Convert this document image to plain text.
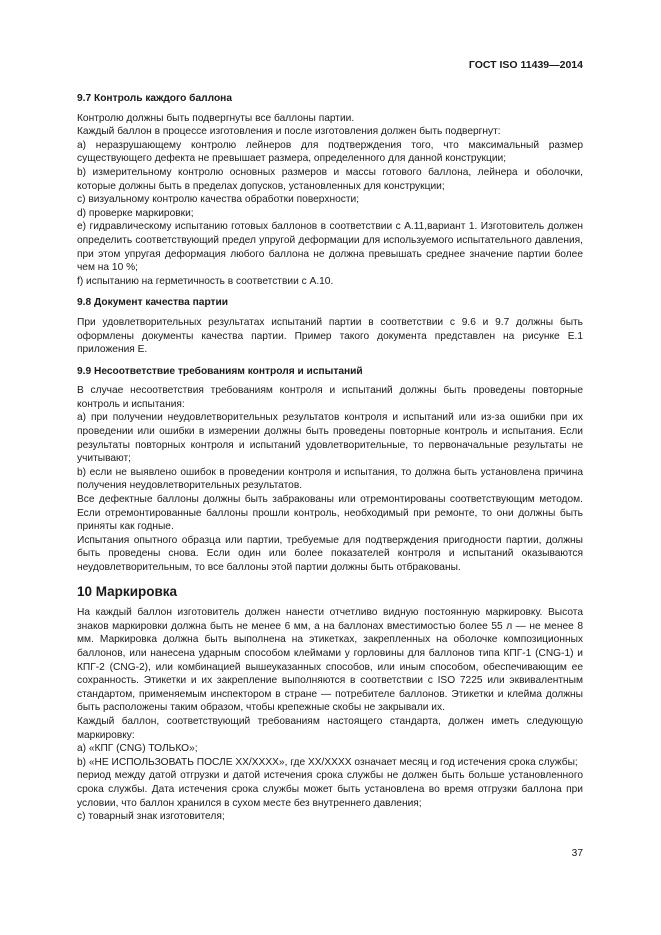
ГОСТ ISO 11439—2014
9.7 Контроль каждого баллона

Контролю должны быть подвергнуты все баллоны партии.

Каждый баллон в процессе изготовления и после изготовления должен быть подвергнут:

а) неразрушающему контролю лейнеров для подтверждения того, что максимальный размер существующего дефекта не превышает размера, определенного для данной конструкции;

b) измерительному контролю основных размеров и массы готового баллона, лейнера и оболочки, которые должны быть в пределах допусков, установленных для конструкции;

c) визуальному контролю качества обработки поверхности;

d) проверке маркировки;

e) гидравлическому испытанию готовых баллонов в соответствии с А.11,вариант 1. Изготовитель должен определить соответствующий предел упругой деформации для используемого испытательного давления, при этом упругая деформация любого баллона не должна превышать среднее значение партии более чем на 10 %;

f) испытанию на герметичность в соответствии с А.10.

9.8 Документ качества партии

При удовлетворительных результатах испытаний партии в соответствии с 9.6 и 9.7 должны быть оформлены документы качества партии. Пример такого документа представлен на рисунке Е.1 приложения Е.

9.9 Несоответствие требованиям контроля и испытаний

В случае несоответствия требованиям контроля и испытаний должны быть проведены повторные контроль и испытания:

а) при получении неудовлетворительных результатов контроля и испытаний или из-за ошибки при их проведении или ошибки в измерении должны быть проведены повторные контроль и испытания. Если результаты повторных контроля и испытаний удовлетворительные, то первоначальные результаты не учитывают;

b) если не выявлено ошибок в проведении контроля и испытания, то должна быть установлена причина получения неудовлетворительных результатов.

Все дефектные баллоны должны быть забракованы или отремонтированы соответствующим методом. Если отремонтированные баллоны прошли контроль, необходимый при ремонте, то они должны быть приняты как годные.

Испытания опытного образца или партии, требуемые для подтверждения пригодности партии, должны быть проведены снова. Если один или более показателей контроля и испытаний оказываются неудовлетворительным, то все баллоны этой партии должны быть отбракованы.

10 Маркировка

На каждый баллон изготовитель должен нанести отчетливо видную постоянную маркировку. Высота знаков маркировки должна быть не менее 6 мм, а на баллонах вместимостью более 55 л — не менее 8 мм. Маркировка должна быть выполнена на этикетках, закрепленных на оболочке композиционных баллонов, или нанесена ударным способом клеймами у горловины для баллонов типа КПГ-1 (CNG-1) и КПГ-2 (CNG-2), или комбинацией вышеуказанных способов, или иным способом, обеспечивающим ее сохранность. Этикетки и их закрепление выполняются в соответствии с ISO 7225 или эквивалентным стандартом, применяемым инспектором в стране — потребителе баллонов. Этикетки и клейма должны быть расположены таким образом, чтобы крепежные скобы не закрывали их.

Каждый баллон, соответствующий требованиям настоящего стандарта, должен иметь следующую маркировку:

а) «КПГ (CNG) ТОЛЬКО»;

b) «НЕ ИСПОЛЬЗОВАТЬ ПОСЛЕ XX/XXXX», где XX/XXXX означает месяц и год истечения срока службы;

период между датой отгрузки и датой истечения срока службы не должен быть больше установленного срока службы. Дата истечения срока службы может быть установлена во время отгрузки баллона при условии, что баллон хранился в сухом месте без внутреннего давления;

c) товарный знак изготовителя;

37
